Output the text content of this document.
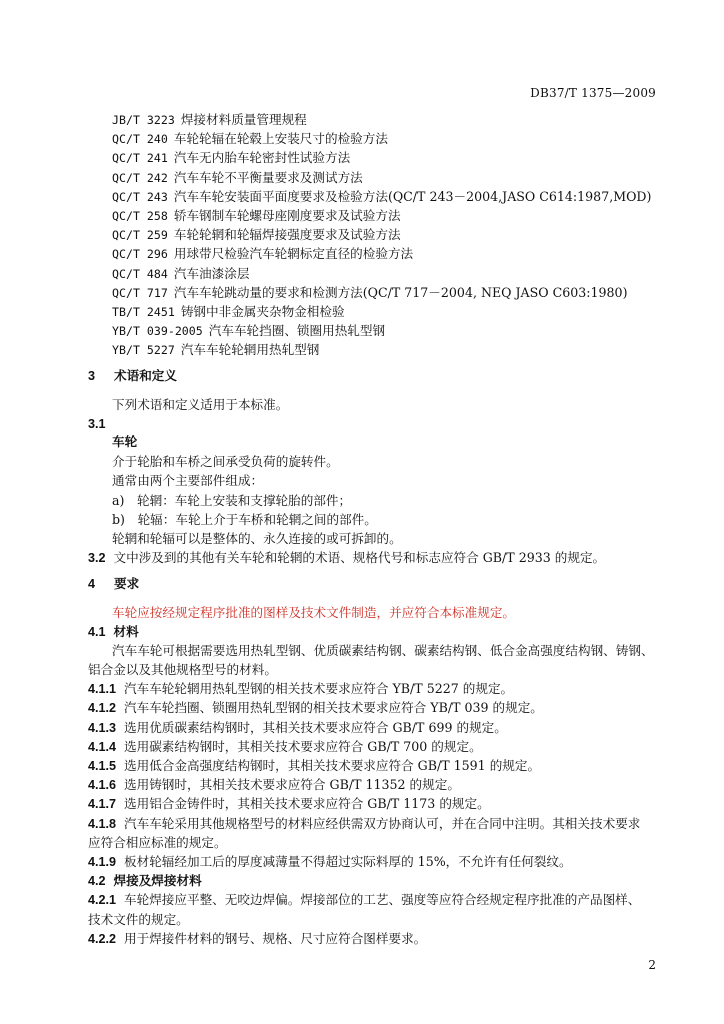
DB37/T 1375—2009
JB/T 3223 焊接材料质量管理规程
QC/T 240 车轮轮辐在轮毂上安装尺寸的检验方法
QC/T 241 汽车无内胎车轮密封性试验方法
QC/T 242 汽车车轮不平衡量要求及测试方法
QC/T 243 汽车车轮安装面平面度要求及检验方法(QC/T 243－2004,JASO C614:1987,MOD)
QC/T 258 轿车钢制车轮螺母座刚度要求及试验方法
QC/T 259 车轮轮辋和轮辐焊接强度要求及试验方法
QC/T 296 用球带尺检验汽车轮辋标定直径的检验方法
QC/T 484 汽车油漆涂层
QC/T 717 汽车车轮跳动量的要求和检测方法(QC/T 717－2004, NEQ JASO C603:1980)
TB/T 2451 铸钢中非金属夹杂物金相检验
YB/T 039-2005 汽车车轮挡圈、锁圈用热轧型钢
YB/T 5227 汽车车轮轮辋用热轧型钢
3 术语和定义
下列术语和定义适用于本标准。
3.1
车轮
介于轮胎和车桥之间承受负荷的旋转件。
通常由两个主要部件组成：
a)　轮辋：车轮上安装和支撑轮胎的部件；
b)　轮辐：车轮上介于车桥和轮辋之间的部件。
轮辋和轮辐可以是整体的、永久连接的或可拆卸的。
3.2 文中涉及到的其他有关车轮和轮辋的术语、规格代号和标志应符合 GB/T 2933 的规定。
4 要求
车轮应按经规定程序批准的图样及技术文件制造，并应符合本标准规定。
4.1 材料
汽车车轮可根据需要选用热轧型钢、优质碳素结构钢、碳素结构钢、低合金高强度结构钢、铸钢、
铝合金以及其他规格型号的材料。
4.1.1 汽车车轮轮辋用热轧型钢的相关技术要求应符合 YB/T 5227 的规定。
4.1.2 汽车车轮挡圈、锁圈用热轧型钢的相关技术要求应符合 YB/T 039 的规定。
4.1.3 选用优质碳素结构钢时，其相关技术要求应符合 GB/T 699 的规定。
4.1.4 选用碳素结构钢时，其相关技术要求应符合 GB/T 700 的规定。
4.1.5 选用低合金高强度结构钢时，其相关技术要求应符合 GB/T 1591 的规定。
4.1.6 选用铸钢时，其相关技术要求应符合 GB/T 11352 的规定。
4.1.7 选用铝合金铸件时，其相关技术要求应符合 GB/T 1173 的规定。
4.1.8 汽车车轮采用其他规格型号的材料应经供需双方协商认可，并在合同中注明。其相关技术要求
应符合相应标准的规定。
4.1.9 板材轮辐经加工后的厚度减薄量不得超过实际料厚的 15%，不允许有任何裂纹。
4.2 焊接及焊接材料
4.2.1 车轮焊接应平整、无咬边焊偏。焊接部位的工艺、强度等应符合经规定程序批准的产品图样、
技术文件的规定。
4.2.2 用于焊接件材料的钢号、规格、尺寸应符合图样要求。
2
